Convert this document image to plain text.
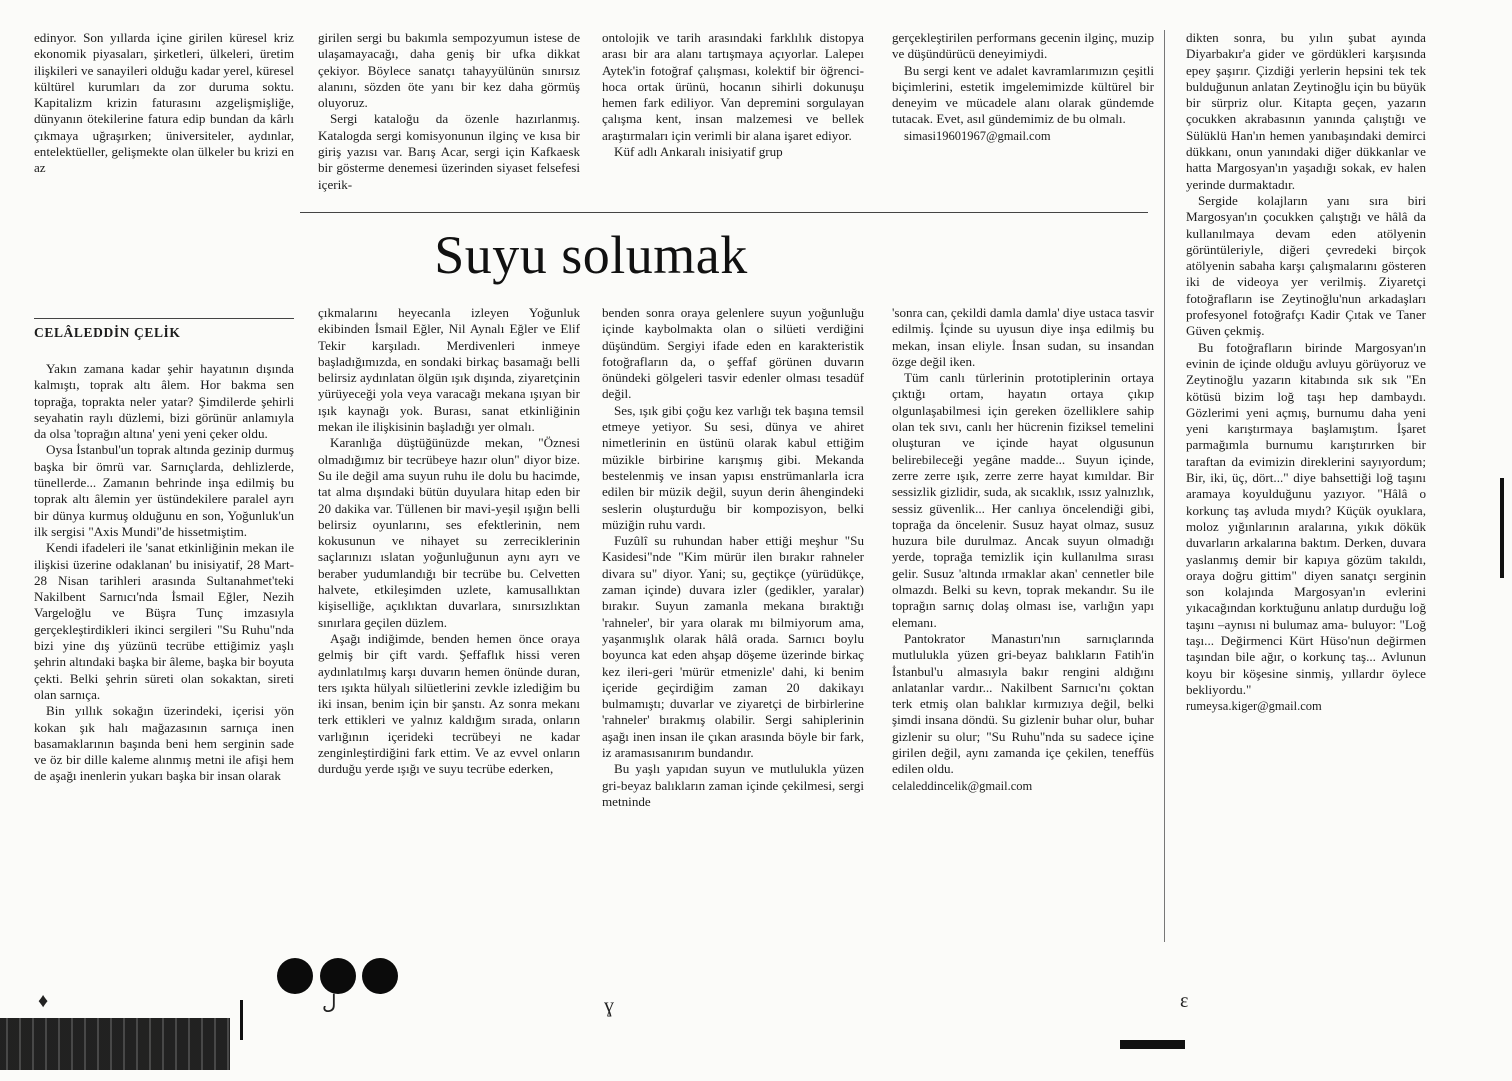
edinyor. Son yıllarda içine girilen küresel kriz ekonomik piyasaları, şirketleri, ülkeleri, üretim ilişkileri ve sanayileri olduğu kadar yerel, küresel kültürel kurumları da zor duruma soktu. Kapitalizm krizin faturasını azgelişmişliğe, dünyanın ötekilerine fatura edip bundan da kârlı çıkmaya uğraşırken; üniversiteler, aydınlar, entelektüeller, gelişmekte olan ülkeler bu krizi en az

girilen sergi bu bakımla sempozyumun istese de ulaşamayacağı, daha geniş bir ufka dikkat çekiyor. Böylece sanatçı tahayyülünün sınırsız alanını, sözden öte yanı bir kez daha görmüş oluyoruz.

Sergi kataloğu da özenle hazırlanmış. Katalogda sergi komisyonunun ilginç ve kısa bir giriş yazısı var. Barış Acar, sergi için Kafkaesk bir gösterme denemesi üzerinden siyaset felsefesi içerik-

ontolojik ve tarih arasındaki farklılık distopya arası bir ara alanı tartışmaya açıyorlar. Lalepeı Aytek'in fotoğraf çalışması, kolektif bir öğrenci-hoca ortak ürünü, hocanın sihirli dokunuşu hemen fark ediliyor. Van depremini sorgulayan çalışma kent, insan malzemesi ve bellek araştırmaları için verimli bir alana işaret ediyor.

Küf adlı Ankaralı inisiyatif grup

gerçekleştirilen performans gecenin ilginç, muzip ve düşündürücü deneyimiydi.

Bu sergi kent ve adalet kavramlarımızın çeşitli biçimlerini, estetik imgelemimizde kültürel bir deneyim ve mücadele alanı olarak gündemde tutacak. Evet, asıl gündemimiz de bu olmalı.

simasi19601967@gmail.com

Suyu solumak
CELÂLEDDİN ÇELİK

Yakın zamana kadar şehir hayatının dışında kalmıştı, toprak altı âlem. Hor bakma sen toprağa, toprakta neler yatar? Şimdilerde şehirli seyahatin raylı düzlemi, bizi görünür anlamıyla da olsa 'toprağın altına' yeni yeni çeker oldu.

Oysa İstanbul'un toprak altında gezinip durmuş başka bir ömrü var. Sarnıçlarda, dehlizlerde, tünellerde... Zamanın behrinde inşa edilmiş bu toprak altı âlemin yer üstündekilere paralel ayrı bir dünya kurmuş olduğunu en son, Yoğunluk'un ilk sergisi "Axis Mundi"de hissetmiştim.

Kendi ifadeleri ile 'sanat etkinliğinin mekan ile ilişkisi üzerine odaklanan' bu inisiyatif, 28 Mart-28 Nisan tarihleri arasında Sultanahmet'teki Nakilbent Sarnıcı'nda İsmail Eğler, Nezih Vargeloğlu ve Büşra Tunç imzasıyla gerçekleştirdikleri ikinci sergileri "Su Ruhu"nda bizi yine dış yüzünü tecrübe ettiğimiz yaşlı şehrin altındaki başka bir âleme, başka bir boyuta çekti. Belki şehrin süreti olan sokaktan, sireti olan sarnıça.

Bin yıllık sokağın üzerindeki, içerisi yön kokan şık halı mağazasının sarnıça inen basamaklarının başında beni hem serginin sade ve öz bir dille kaleme alınmış metni ile afişi hem de aşağı inenlerin yukarı başka bir insan olarak

çıkmalarını heyecanla izleyen Yoğunluk ekibinden İsmail Eğler, Nil Aynalı Eğler ve Elif Tekir karşıladı. Merdivenleri inmeye başladığımızda, en sondaki birkaç basamağı belli belirsiz aydınlatan ölgün ışık dışında, ziyaretçinin yürüyeceği yola veya varacağı mekana ışıyan bir ışık kaynağı yok. Burası, sanat etkinliğinin mekan ile ilişkisinin başladığı yer olmalı.

Karanlığa düştüğünüzde mekan, "Öznesi olmadığımız bir tecrübeye hazır olun" diyor bize. Su ile değil ama suyun ruhu ile dolu bu hacimde, tat alma dışındaki bütün duyulara hitap eden bir 20 dakika var. Tüllenen bir mavi-yeşil ışığın belli belirsiz oyunlarını, ses efektlerinin, nem kokusunun ve nihayet su zerreciklerinin saçlarınızı ıslatan yoğunluğunun aynı ayrı ve beraber yudumlandığı bir tecrübe bu. Celvetten halvete, etkileşimden uzlete, kamusallıktan kişiselliğe, açıklıktan duvarlara, sınırsızlıktan sınırlara geçilen düzlem.

Aşağı indiğimde, benden hemen önce oraya gelmiş bir çift vardı. Şeffaflık hissi veren aydınlatılmış karşı duvarın hemen önünde duran, ters ışıkta hülyalı silüetlerini zevkle izlediğim bu iki insan, benim için bir şanstı. Az sonra mekanı terk ettikleri ve yalnız kaldığım sırada, onların varlığının içerideki tecrübeyi ne kadar zenginleştirdiğini fark ettim. Ve az evvel onların durduğu yerde ışığı ve suyu tecrübe ederken,

benden sonra oraya gelenlere suyun yoğunluğu içinde kaybolmakta olan o silüeti verdiğini düşündüm. Sergiyi ifade eden en karakteristik fotoğrafların da, o şeffaf görünen duvarın önündeki gölgeleri tasvir edenler olması tesadüf değil.

Ses, ışık gibi çoğu kez varlığı tek başına temsil etmeye yetiyor. Su sesi, dünya ve ahiret nimetlerinin en üstünü olarak kabul ettiğim müzikle birbirine karışmış gibi. Mekanda bestelenmiş ve insan yapısı enstrümanlarla icra edilen bir müzik değil, suyun derin âhengindeki seslerin oluşturduğu bir kompozisyon, belki müziğin ruhu vardı.

Fuzûlî su ruhundan haber ettiği meşhur "Su Kasidesi"nde "Kim mürür ilen bırakır rahneler divara su" diyor. Yani; su, geçtikçe (yürüdükçe, zaman içinde) duvara izler (gedikler, yaralar) bırakır. Suyun zamanla mekana bıraktığı 'rahneler', bir yara olarak mı bilmiyorum ama, yaşanmışlık olarak hâlâ orada. Sarnıcı boylu boyunca kat eden ahşap döşeme üzerinde birkaç kez ileri-geri 'mürür etmenizle' dahi, ki benim içeride geçirdiğim zaman 20 dakikayı bulmamıştı; duvarlar ve ziyaretçi de birbirlerine 'rahneler' bırakmış olabilir. Sergi sahiplerinin aşağı inen insan ile çıkan arasında böyle bir fark, iz aramasısanırım bundandır.

Bu yaşlı yapıdan suyun ve mutlulukla yüzen gri-beyaz balıkların zaman içinde çekilmesi, sergi metninde

'sonra can, çekildi damla damla' diye ustaca tasvir edilmiş. İçinde su uyusun diye inşa edilmiş bu mekan, insan eliyle. İnsan sudan, su insandan özge değil iken.

Tüm canlı türlerinin prototiplerinin ortaya çıktığı ortam, hayatın ortaya çıkıp olgunlaşabilmesi için gereken özelliklere sahip olan tek sıvı, canlı her hücrenin fiziksel temelini oluşturan ve içinde hayat olgusunun belirebileceği yegâne madde... Suyun içinde, zerre zerre ışık, zerre zerre hayat kımıldar. Bir sessizlik gizlidir, suda, ak sıcaklık, ıssız yalnızlık, sessiz güvenlik... Her canlıya öncelendiği gibi, toprağa da öncelenir. Susuz hayat olmaz, susuz huzura bile durulmaz. Ancak suyun olmadığı yerde, toprağa temizlik için kullanılma sırası gelir. Susuz 'altında ırmaklar akan' cennetler bile olmazdı. Belki su kevn, toprak mekandır. Su ile toprağın sarnıç dolaş olması ise, varlığın yapı elemanı.

Pantokrator Manastırı'nın sarnıçlarında mutlulukla yüzen gri-beyaz balıkların Fatih'in İstanbul'u almasıyla bakır rengini aldığını anlatanlar vardır... Nakilbent Sarnıcı'nı çoktan terk etmiş olan balıklar kırmızıya değil, belki şimdi insana döndü. Su gizlenir buhar olur, buhar gizlenir su olur; "Su Ruhu"nda su sadece içine girilen değil, aynı zamanda içe çekilen, teneffüs edilen oldu.

celaleddincelik@gmail.com

dikten sonra, bu yılın şubat ayında Diyarbakır'a gider ve gördükleri karşısında epey şaşırır. Çizdiği yerlerin hepsini tek tek bulduğunun anlatan Zeytinoğlu için bu büyük bir sürpriz olur. Kitapta geçen, yazarın çocukken akrabasının yanında çalıştığı ve Sülüklü Han'ın hemen yanıbaşındaki demirci dükkanı, onun yanındaki diğer dükkanlar ve hatta Margosyan'ın yaşadığı sokak, ev halen yerinde durmaktadır.

Sergide kolajların yanı sıra biri Margosyan'ın çocukken çalıştığı ve hâlâ da kullanılmaya devam eden atölyenin görüntüleriyle, diğeri çevredeki birçok atölyenin sabaha karşı çalışmalarını gösteren iki de videoya yer verilmiş. Ziyaretçi fotoğrafların ise Zeytinoğlu'nun arkadaşları profesyonel fotoğrafçı Kadir Çıtak ve Taner Güven çekmiş.

Bu fotoğrafların birinde Margosyan'ın evinin de içinde olduğu avluyu görüyoruz ve Zeytinoğlu yazarın kitabında sık sık "En kötüsü bizim loğ taşı hep dambaydı. Gözlerimi yeni açmış, burnumu daha yeni yeni karıştırmaya başlamıştım. İşaret parmağımla burnumu karıştırırken bir taraftan da evimizin direklerini sayıyordum; Bir, iki, üç, dört..." diye bahsettiği loğ taşını aramaya koyulduğunu yazıyor. "Hâlâ o korkunç taş avluda mıydı? Küçük oyuklara, moloz yığınlarının aralarına, yıkık dökük duvarların arkalarına baktım. Derken, duvara yaslanmış demir bir kapıya gözüm takıldı, oraya doğru gittim" diyen sanatçı serginin son kolajında Margosyan'ın evlerini yıkacağından korktuğunu anlatıp durduğu loğ taşını –aynısı ni bulumaz ama- buluyor: "Loğ taşı... Değirmenci Kürt Hüso'nun değirmen taşından bile ağır, o korkunç taş... Avlunun koyu bir köşesine sinmiş, yıllardır öylece bekliyordu."

rumeysa.kiger@gmail.com

♦	ﻝ	ɣ	ɛ
